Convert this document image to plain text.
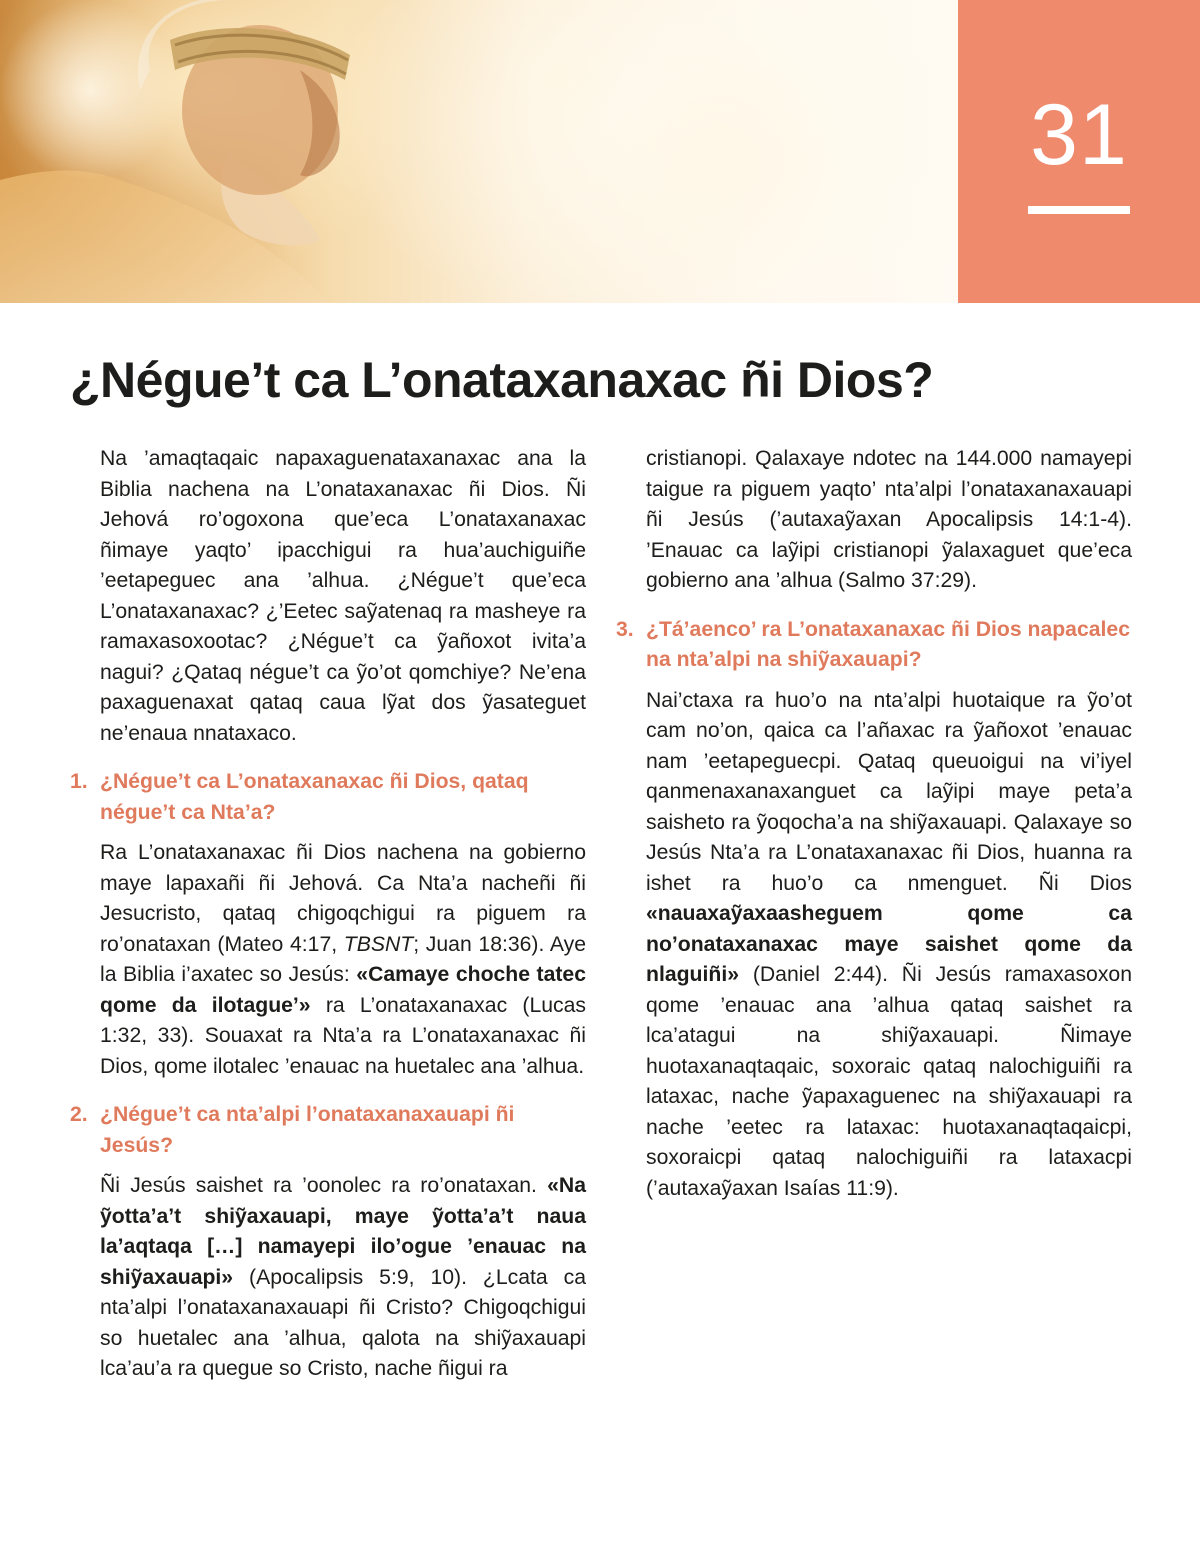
31
¿Négue’t ca L’onataxanaxac ñi Dios?

Na ’amaqtaqaic napaxaguenataxanaxac ana la Biblia nachena na L’onataxanaxac ñi Dios. Ñi Jehová ro’ogoxona que’eca L’onataxanaxac ñimaye yaqto’ ipacchigui ra hua’auchiguiñe ’eetapeguec ana ’alhua. ¿Négue’t que’eca L’onataxanaxac? ¿’Eetec saỹatenaq ra masheye ra ramaxasoxootac? ¿Négue’t ca ỹañoxot ivita’a nagui? ¿Qataq négue’t ca ỹo’ot qomchiye? Ne’ena paxaguenaxat qataq caua lỹat dos ỹasateguet ne’enaua nnataxaco.

1. ¿Négue’t ca L’onataxanaxac ñi Dios, qataq négue’t ca Nta’a?

Ra L’onataxanaxac ñi Dios nachena na gobierno maye lapaxañi ñi Jehová. Ca Nta’a nacheñi ñi Jesucristo, qataq chigoqchigui ra piguem ra ro’onataxan (Mateo 4:17, TBSNT; Juan 18:36). Aye la Biblia i’axatec so Jesús: «Camaye choche tatec qome da ilotague’» ra L’onataxanaxac (Lucas 1:32, 33). Souaxat ra Nta’a ra L’onataxanaxac ñi Dios, qome ilotalec ’enauac na huetalec ana ’alhua.

2. ¿Négue’t ca nta’alpi l’onataxanaxauapi ñi Jesús?

Ñi Jesús saishet ra ’oonolec ra ro’onataxan. «Na ỹotta’a’t shiỹaxauapi, maye ỹotta’a’t naua la’aqtaqa […] namayepi ilo’ogue ’enauac na shiỹaxauapi» (Apocalipsis 5:9, 10). ¿Lcata ca nta’alpi l’onataxanaxauapi ñi Cristo? Chigoqchigui so huetalec ana ’alhua, qalota na shiỹaxauapi lca’au’a ra quegue so Cristo, nache ñigui ra

cristianopi. Qalaxaye ndotec na 144.000 namayepi taigue ra piguem yaqto’ nta’alpi l’onataxanaxauapi ñi Jesús (’autaxaỹaxan Apocalipsis 14:1-4). ’Enauac ca laỹipi cristianopi ỹalaxaguet que’eca gobierno ana ’alhua (Salmo 37:29).

3. ¿Tá’aenco’ ra L’onataxanaxac ñi Dios napacalec na nta’alpi na shiỹaxauapi?

Nai’ctaxa ra huo’o na nta’alpi huotaique ra ỹo’ot cam no’on, qaica ca l’añaxac ra ỹañoxot ’enauac nam ’eetapeguecpi. Qataq queuoigui na vi’iyel qanmenaxanaxanguet ca laỹipi maye peta’a saisheto ra ỹoqocha’a na shiỹaxauapi. Qalaxaye so Jesús Nta’a ra L’onataxanaxac ñi Dios, huanna ra ishet ra huo’o ca nmenguet. Ñi Dios «nauaxaỹaxaasheguem qome ca no’onataxanaxac maye saishet qome da nlaguiñi» (Daniel 2:44). Ñi Jesús ramaxasoxon qome ’enauac ana ’alhua qataq saishet ra lca’atagui na shiỹaxauapi. Ñimaye huotaxanaqtaqaic, soxoraic qataq nalochiguiñi ra lataxac, nache ỹapaxaguenec na shiỹaxauapi ra nache ’eetec ra lataxac: huotaxanaqtaqaicpi, soxoraicpi qataq nalochiguiñi ra lataxacpi (’autaxaỹaxan Isaías 11:9).
